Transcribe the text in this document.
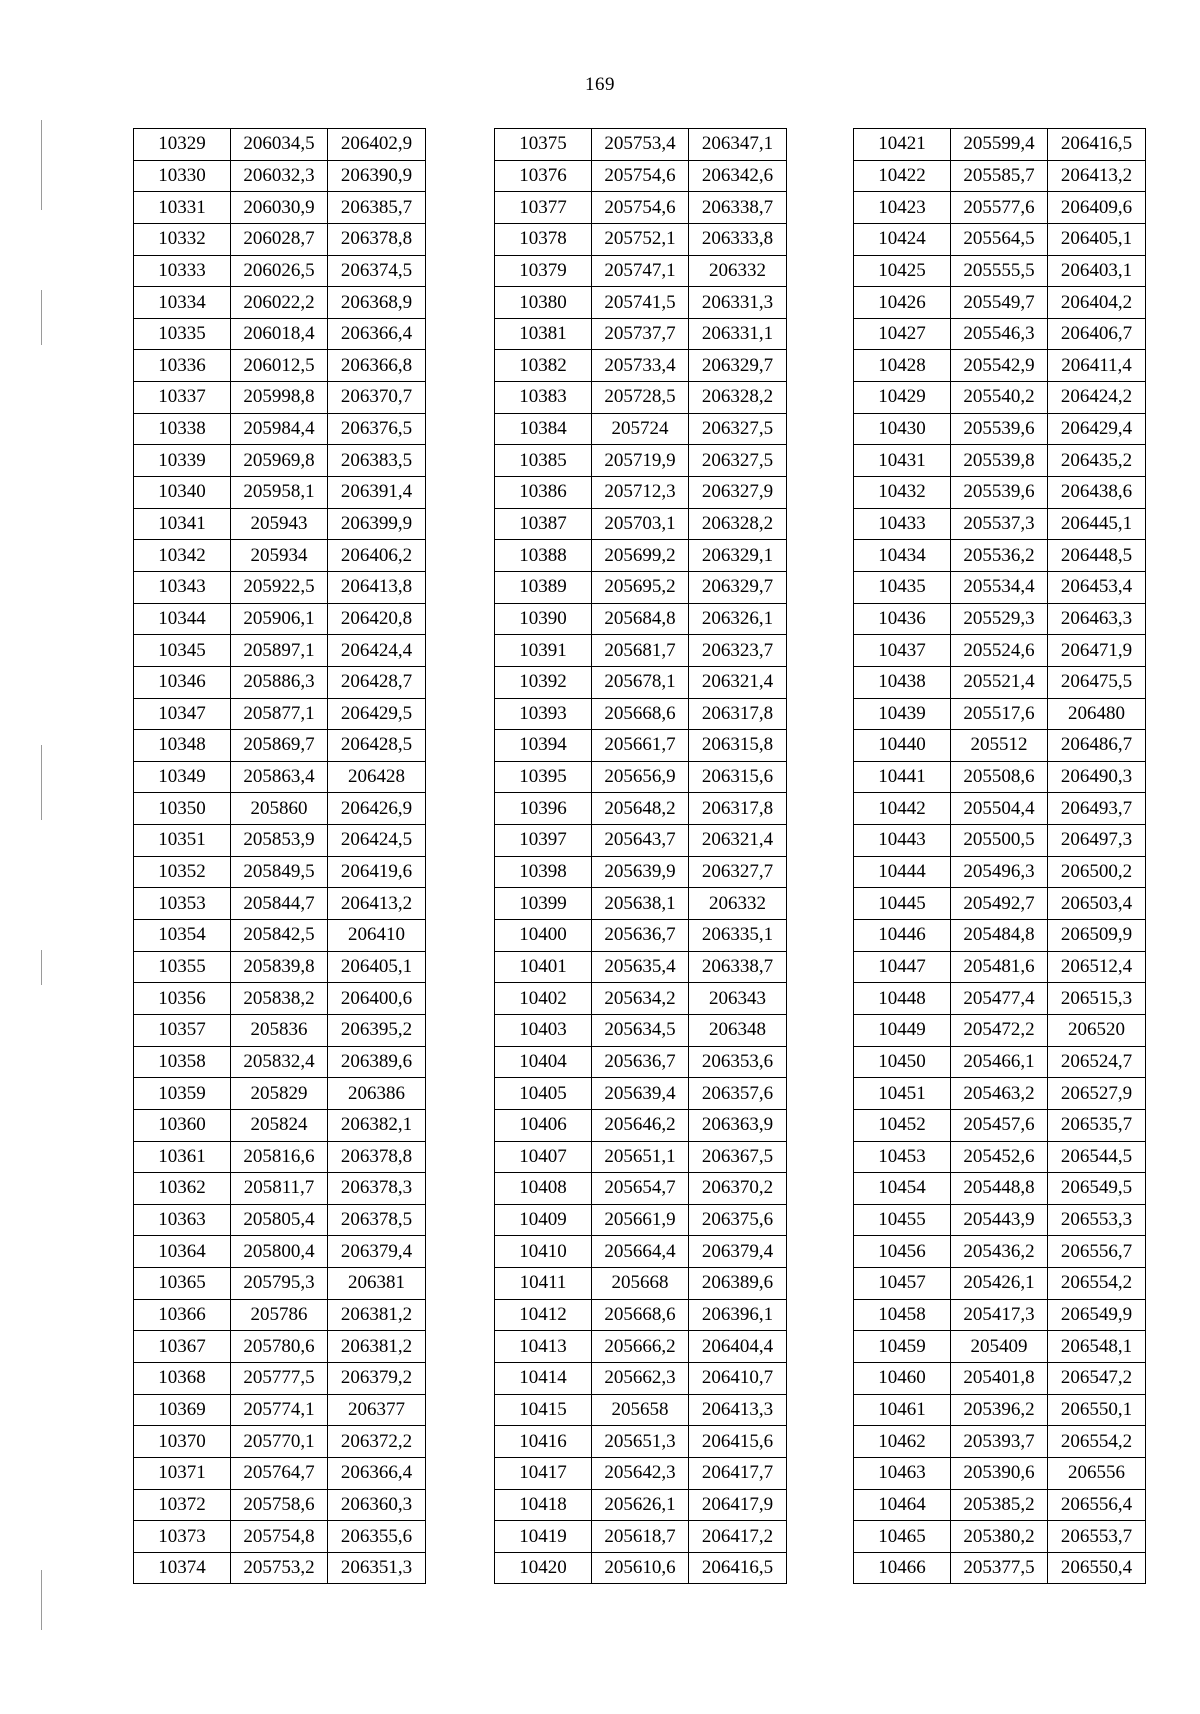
169
10329	206034,5	206402,9
10330	206032,3	206390,9
10331	206030,9	206385,7
10332	206028,7	206378,8
10333	206026,5	206374,5
10334	206022,2	206368,9
10335	206018,4	206366,4
10336	206012,5	206366,8
10337	205998,8	206370,7
10338	205984,4	206376,5
10339	205969,8	206383,5
10340	205958,1	206391,4
10341	205943	206399,9
10342	205934	206406,2
10343	205922,5	206413,8
10344	205906,1	206420,8
10345	205897,1	206424,4
10346	205886,3	206428,7
10347	205877,1	206429,5
10348	205869,7	206428,5
10349	205863,4	206428
10350	205860	206426,9
10351	205853,9	206424,5
10352	205849,5	206419,6
10353	205844,7	206413,2
10354	205842,5	206410
10355	205839,8	206405,1
10356	205838,2	206400,6
10357	205836	206395,2
10358	205832,4	206389,6
10359	205829	206386
10360	205824	206382,1
10361	205816,6	206378,8
10362	205811,7	206378,3
10363	205805,4	206378,5
10364	205800,4	206379,4
10365	205795,3	206381
10366	205786	206381,2
10367	205780,6	206381,2
10368	205777,5	206379,2
10369	205774,1	206377
10370	205770,1	206372,2
10371	205764,7	206366,4
10372	205758,6	206360,3
10373	205754,8	206355,6
10374	205753,2	206351,3
10375	205753,4	206347,1
10376	205754,6	206342,6
10377	205754,6	206338,7
10378	205752,1	206333,8
10379	205747,1	206332
10380	205741,5	206331,3
10381	205737,7	206331,1
10382	205733,4	206329,7
10383	205728,5	206328,2
10384	205724	206327,5
10385	205719,9	206327,5
10386	205712,3	206327,9
10387	205703,1	206328,2
10388	205699,2	206329,1
10389	205695,2	206329,7
10390	205684,8	206326,1
10391	205681,7	206323,7
10392	205678,1	206321,4
10393	205668,6	206317,8
10394	205661,7	206315,8
10395	205656,9	206315,6
10396	205648,2	206317,8
10397	205643,7	206321,4
10398	205639,9	206327,7
10399	205638,1	206332
10400	205636,7	206335,1
10401	205635,4	206338,7
10402	205634,2	206343
10403	205634,5	206348
10404	205636,7	206353,6
10405	205639,4	206357,6
10406	205646,2	206363,9
10407	205651,1	206367,5
10408	205654,7	206370,2
10409	205661,9	206375,6
10410	205664,4	206379,4
10411	205668	206389,6
10412	205668,6	206396,1
10413	205666,2	206404,4
10414	205662,3	206410,7
10415	205658	206413,3
10416	205651,3	206415,6
10417	205642,3	206417,7
10418	205626,1	206417,9
10419	205618,7	206417,2
10420	205610,6	206416,5
10421	205599,4	206416,5
10422	205585,7	206413,2
10423	205577,6	206409,6
10424	205564,5	206405,1
10425	205555,5	206403,1
10426	205549,7	206404,2
10427	205546,3	206406,7
10428	205542,9	206411,4
10429	205540,2	206424,2
10430	205539,6	206429,4
10431	205539,8	206435,2
10432	205539,6	206438,6
10433	205537,3	206445,1
10434	205536,2	206448,5
10435	205534,4	206453,4
10436	205529,3	206463,3
10437	205524,6	206471,9
10438	205521,4	206475,5
10439	205517,6	206480
10440	205512	206486,7
10441	205508,6	206490,3
10442	205504,4	206493,7
10443	205500,5	206497,3
10444	205496,3	206500,2
10445	205492,7	206503,4
10446	205484,8	206509,9
10447	205481,6	206512,4
10448	205477,4	206515,3
10449	205472,2	206520
10450	205466,1	206524,7
10451	205463,2	206527,9
10452	205457,6	206535,7
10453	205452,6	206544,5
10454	205448,8	206549,5
10455	205443,9	206553,3
10456	205436,2	206556,7
10457	205426,1	206554,2
10458	205417,3	206549,9
10459	205409	206548,1
10460	205401,8	206547,2
10461	205396,2	206550,1
10462	205393,7	206554,2
10463	205390,6	206556
10464	205385,2	206556,4
10465	205380,2	206553,7
10466	205377,5	206550,4
